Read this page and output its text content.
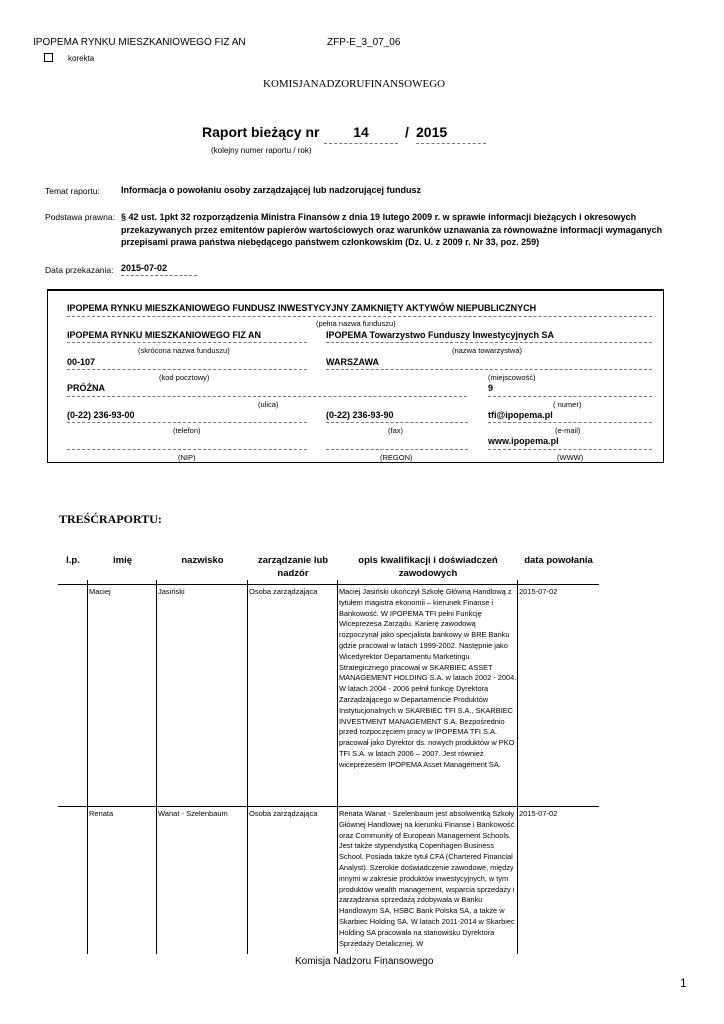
IPOPEMA RYNKU MIESZKANIOWEGO FIZ AN	ZFP-E_3_07_06
korekta
KOMISJANADZORUFINANSOWEGO
Raport bieżący nr	14	/ 2015
(kolejny numer raportu / rok)
Temat raportu: Informacja o powołaniu osoby zarządzającej lub nadzorującej fundusz
Podstawa prawna: § 42 ust. 1pkt 32 rozporządzenia Ministra Finansów z dnia 19 lutego 2009 r. w sprawie informacji bieżących i okresowych przekazywanych przez emitentów papierów wartościowych oraz warunków uznawania za równoważne informacji wymaganych przepisami prawa państwa niebędącego państwem członkowskim (Dz. U. z 2009 r. Nr 33, poz. 259)
Data przekazania: 2015-07-02
IPOPEMA RYNKU MIESZKANIOWEGO FUNDUSZ INWESTYCYJNY ZAMKNIĘTY AKTYWÓW NIEPUBLICZNYCH
(pełna nazwa funduszu)
IPOPEMA RYNKU MIESZKANIOWEGO FIZ AN
(skrócona nazwa funduszu)
IPOPEMA Towarzystwo Funduszy Inwestycyjnych SA
(nazwa towarzystwa)
00-107
(kod pocztowy)
WARSZAWA
(miejscowość)
PRÓŻNA
(ulica)
9
( numer)
(0-22) 236-93-00
(telefon)
(0-22) 236-93-90
(fax)
tfi@ipopema.pl
(e-mail)
www.ipopema.pl
(NIP)	(REGON)	(WWW)
TREŚĆRAPORTU:
l.p.	imię	nazwisko	zarządzanie lub nadzór	opis kwalifikacji i doświadczeń zawodowych	data powołania
	Maciej	Jasiński	Osoba zarządzająca	Maciej Jasiński ukończył Szkołę Główną Handlową z tytułem magistra ekonomii – kierunek Finanse i Bankowość. W IPOPEMA TFI pełni Funkcję Wiceprezesa Zarządu. Karierę zawodową rozpoczynał jako specjalista bankowy w BRE Banku gdzie pracował w latach 1999-2002. Następnie jako Wicedyrektor Departamentu Marketingu Strategicznego pracował w SKARBIEC ASSET MANAGEMENT HOLDING S.A. w latach 2002 - 2004. W latach 2004 - 2006 pełnił funkcję Dyrektora Zarządzającego w Departamencie Produktów Instytucjonalnych w SKARBIEC TFI S.A., SKARBIEC INVESTMENT MANAGEMENT S.A. Bezpośrednio przed rozpoczęciem pracy w IPOPEMA TFI S.A. pracował jako Dyrektor ds. nowych produktów w PKO TFI S.A. w latach 2006 – 2007. Jest również wiceprezesem IPOPEMA Asset Management SA.	2015-07-02
	Renata	Wanat - Szelenbaum	Osoba zarządzająca	Renata Wanat - Szelenbaum jest absolwentką Szkoły Głównej Handlowej na kierunku Finanse i Bankowość oraz Community of European Management Schools. Jest także stypendystką Copenhagen Business School. Posiada także tytuł CFA (Chartered Financial Analyst). Szerokie doświadczenie zawodowe, między innymi w zakresie produktów inwestycyjnych, w tym produktów wealth management, wsparcia sprzedaży i zarządzania sprzedażą zdobywała w Banku Handlowym SA, HSBC Bank Polska SA, a także w Skarbiec Holding SA. W latach 2011-2014 w Skarbiec Holding SA pracowała na stanowisku Dyrektora Sprzedaży Detalicznej. W	2015-07-02
Komisja Nadzoru Finansowego
1
